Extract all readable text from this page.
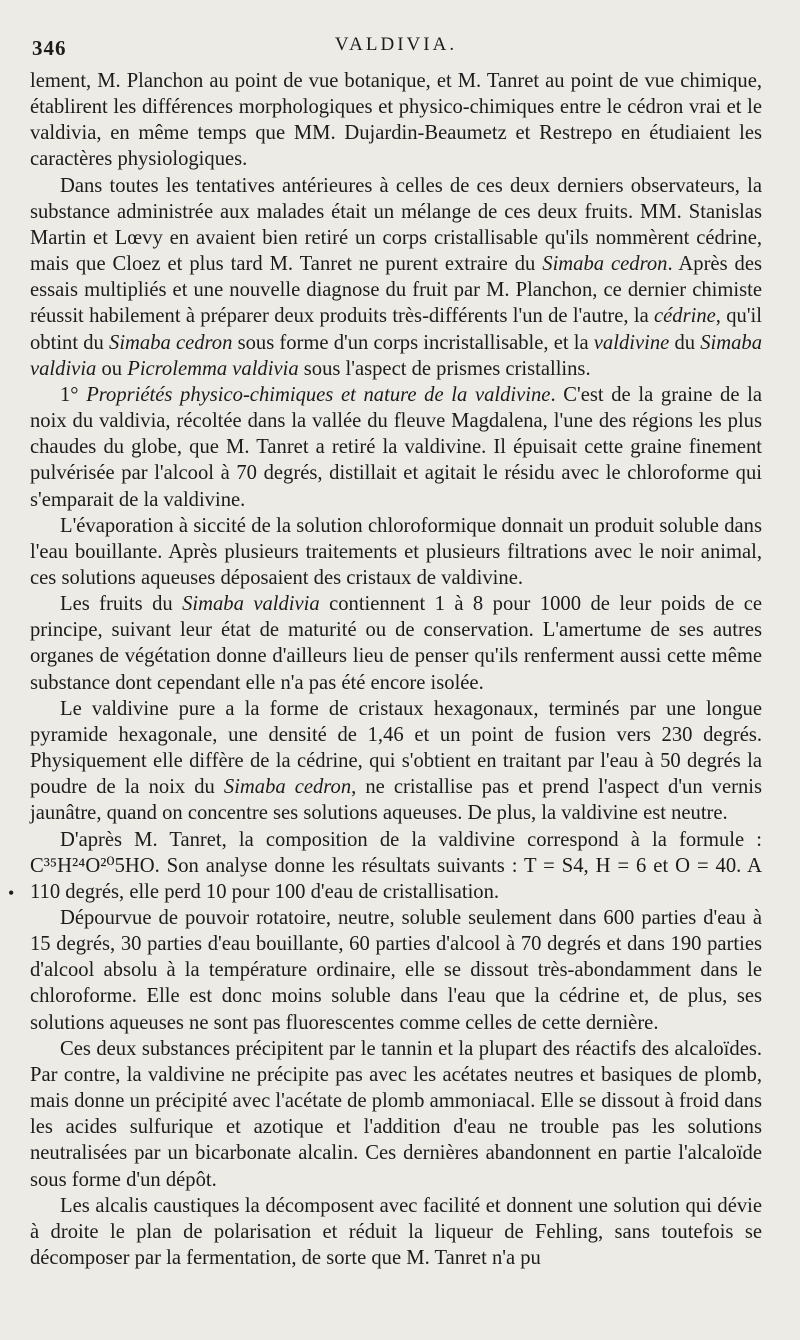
346	VALDIVIA.
•

lement, M. Planchon au point de vue botanique, et M. Tanret au point de vue chimique, établirent les différences morphologiques et physico-chimiques entre le cédron vrai et le valdivia, en même temps que MM. Dujardin-Beaumetz et Restrepo en étudiaient les caractères physiologiques.

Dans toutes les tentatives antérieures à celles de ces deux derniers observateurs, la substance administrée aux malades était un mélange de ces deux fruits. MM. Stanislas Martin et Lœvy en avaient bien retiré un corps cristallisable qu'ils nommèrent cédrine, mais que Cloez et plus tard M. Tanret ne purent extraire du Simaba cedron. Après des essais multipliés et une nouvelle diagnose du fruit par M. Planchon, ce dernier chimiste réussit habilement à préparer deux produits très-différents l'un de l'autre, la cédrine, qu'il obtint du Simaba cedron sous forme d'un corps incristallisable, et la valdivine du Simaba valdivia ou Picrolemma valdivia sous l'aspect de prismes cristallins.

1° Propriétés physico-chimiques et nature de la valdivine. C'est de la graine de la noix du valdivia, récoltée dans la vallée du fleuve Magdalena, l'une des régions les plus chaudes du globe, que M. Tanret a retiré la valdivine. Il épuisait cette graine finement pulvérisée par l'alcool à 70 degrés, distillait et agitait le résidu avec le chloroforme qui s'emparait de la valdivine.

L'évaporation à siccité de la solution chloroformique donnait un produit soluble dans l'eau bouillante. Après plusieurs traitements et plusieurs filtrations avec le noir animal, ces solutions aqueuses déposaient des cristaux de valdivine.

Les fruits du Simaba valdivia contiennent 1 à 8 pour 1000 de leur poids de ce principe, suivant leur état de maturité ou de conservation. L'amertume de ses autres organes de végétation donne d'ailleurs lieu de penser qu'ils renferment aussi cette même substance dont cependant elle n'a pas été encore isolée.

Le valdivine pure a la forme de cristaux hexagonaux, terminés par une longue pyramide hexagonale, une densité de 1,46 et un point de fusion vers 230 degrés. Physiquement elle diffère de la cédrine, qui s'obtient en traitant par l'eau à 50 degrés la poudre de la noix du Simaba cedron, ne cristallise pas et prend l'aspect d'un vernis jaunâtre, quand on concentre ses solutions aqueuses. De plus, la valdivine est neutre.

D'après M. Tanret, la composition de la valdivine correspond à la formule : C³⁵H²⁴O²⁰5HO. Son analyse donne les résultats suivants : T = S4, H = 6 et O = 40. A 110 degrés, elle perd 10 pour 100 d'eau de cristallisation.

Dépourvue de pouvoir rotatoire, neutre, soluble seulement dans 600 parties d'eau à 15 degrés, 30 parties d'eau bouillante, 60 parties d'alcool à 70 degrés et dans 190 parties d'alcool absolu à la température ordinaire, elle se dissout très-abondamment dans le chloroforme. Elle est donc moins soluble dans l'eau que la cédrine et, de plus, ses solutions aqueuses ne sont pas fluorescentes comme celles de cette dernière.

Ces deux substances précipitent par le tannin et la plupart des réactifs des alcaloïdes. Par contre, la valdivine ne précipite pas avec les acétates neutres et basiques de plomb, mais donne un précipité avec l'acétate de plomb ammoniacal. Elle se dissout à froid dans les acides sulfurique et azotique et l'addition d'eau ne trouble pas les solutions neutralisées par un bicarbonate alcalin. Ces dernières abandonnent en partie l'alcaloïde sous forme d'un dépôt.

Les alcalis caustiques la décomposent avec facilité et donnent une solution qui dévie à droite le plan de polarisation et réduit la liqueur de Fehling, sans toutefois se décomposer par la fermentation, de sorte que M. Tanret n'a pu
